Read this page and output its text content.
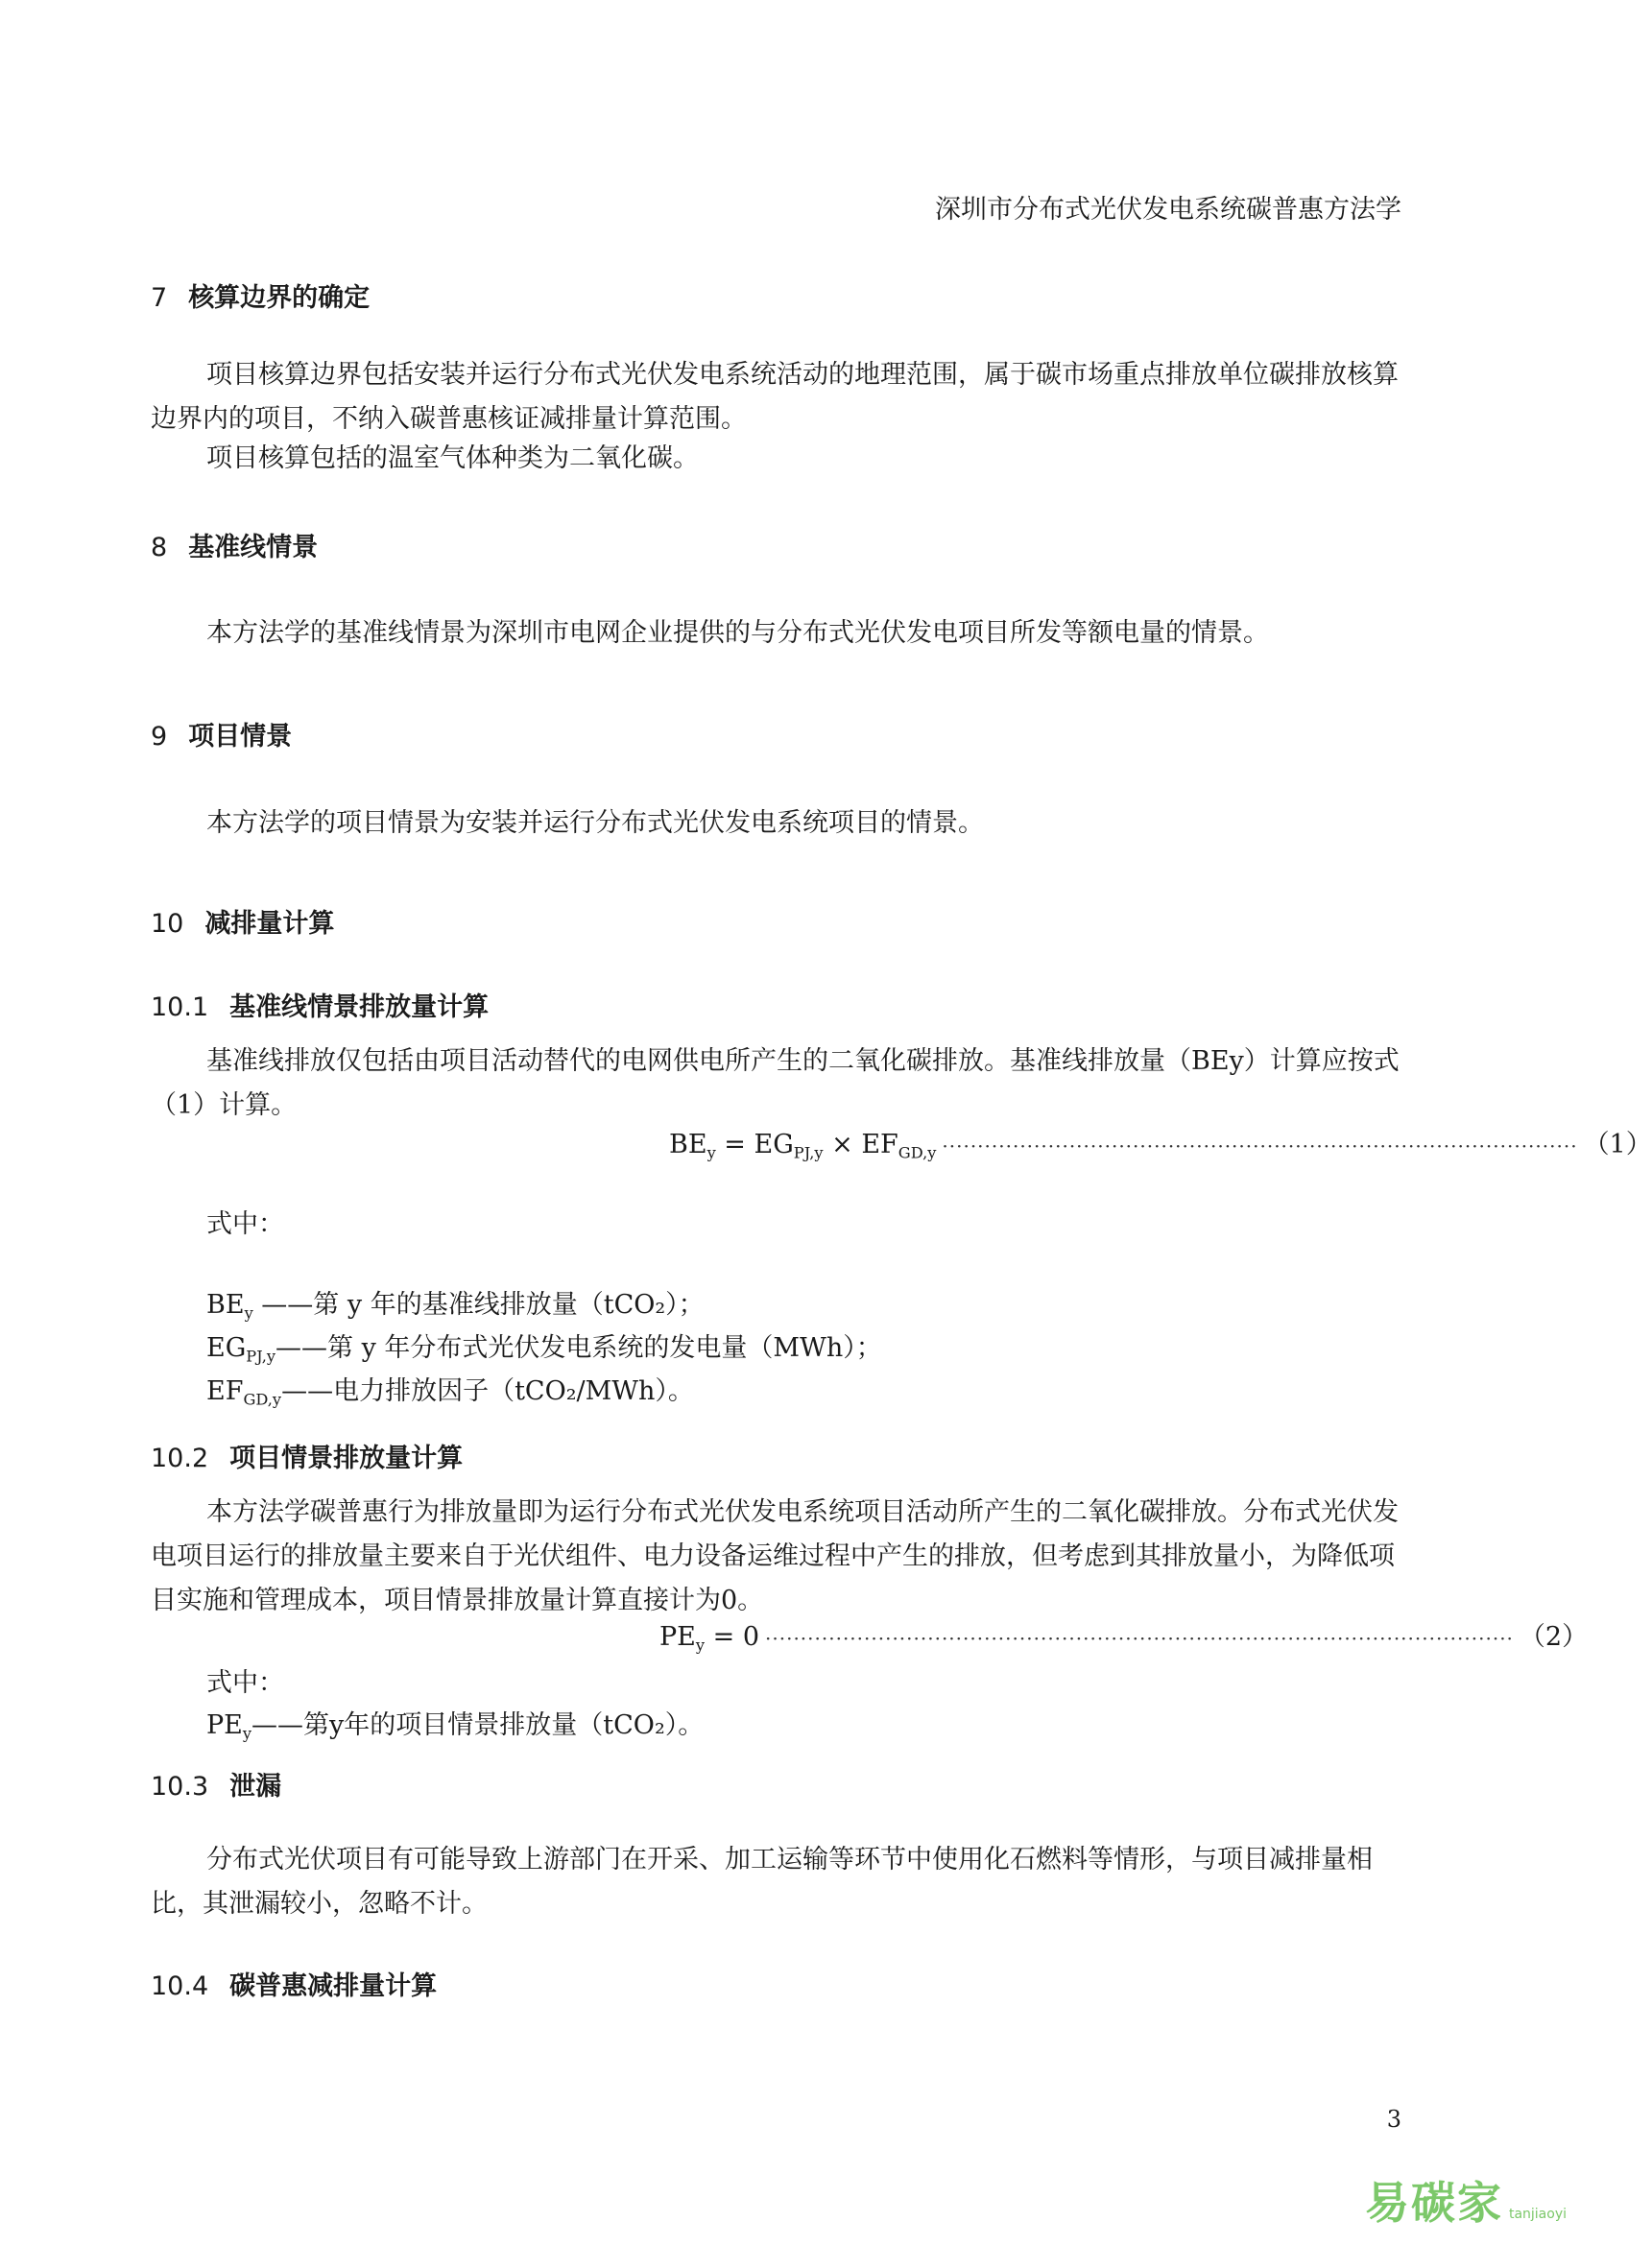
深圳市分布式光伏发电系统碳普惠方法学
7 核算边界的确定

项目核算边界包括安装并运行分布式光伏发电系统活动的地理范围，属于碳市场重点排放单位碳排放核算边界内的项目，不纳入碳普惠核证减排量计算范围。

项目核算包括的温室气体种类为二氧化碳。

8 基准线情景

本方法学的基准线情景为深圳市电网企业提供的与分布式光伏发电项目所发等额电量的情景。

9 项目情景

本方法学的项目情景为安装并运行分布式光伏发电系统项目的情景。

10 减排量计算
10.1 基准线情景排放量计算

基准线排放仅包括由项目活动替代的电网供电所产生的二氧化碳排放。基准线排放量（BEy）计算应按式（1）计算。

$BE_y = EG_{PJ,y} \times EF_{GD,y}$ ·························································································· （1）
式中：
$BE_y$ ——第 y 年的基准线排放量（tCO₂）；
$EG_{PJ,y}——$第 y 年分布式光伏发电系统的发电量（MWh）；
$EF_{GD,y}——$电力排放因子（tCO₂/MWh）。
10.2 项目情景排放量计算

本方法学碳普惠行为排放量即为运行分布式光伏发电系统项目活动所产生的二氧化碳排放。分布式光伏发电项目运行的排放量主要来自于光伏组件、电力设备运维过程中产生的排放，但考虑到其排放量小，为降低项目实施和管理成本，项目情景排放量计算直接计为0。

$PE_y = 0$ ·········································································································· （2）
式中：
$PE_y——$第y年的项目情景排放量（tCO₂）。
10.3 泄漏

分布式光伏项目有可能导致上游部门在开采、加工运输等环节中使用化石燃料等情形，与项目减排量相比，其泄漏较小，忽略不计。

10.4 碳普惠减排量计算
3
易碳家 tanjiaoyi
